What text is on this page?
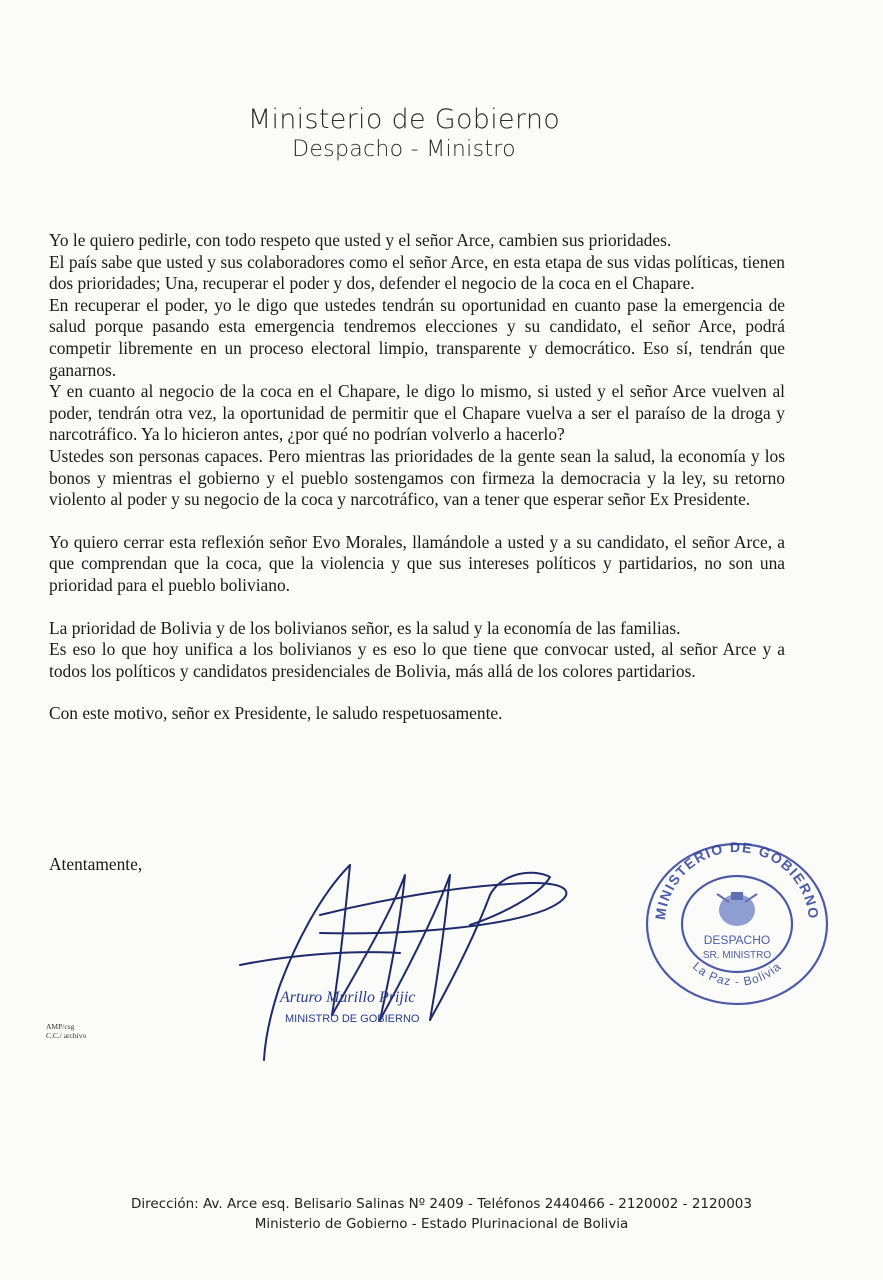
Ministerio de Gobierno
Despacho - Ministro

Yo le quiero pedirle, con todo respeto que usted y el señor Arce, cambien sus prioridades.

El país sabe que usted y sus colaboradores como el señor Arce, en esta etapa de sus vidas políticas, tienen dos prioridades; Una, recuperar el poder y dos, defender el negocio de la coca en el Chapare.

En recuperar el poder, yo le digo que ustedes tendrán su oportunidad en cuanto pase la emergencia de salud porque pasando esta emergencia tendremos elecciones y su candidato, el señor Arce, podrá competir libremente en un proceso electoral limpio, transparente y democrático. Eso sí, tendrán que ganarnos.

Y en cuanto al negocio de la coca en el Chapare, le digo lo mismo, si usted y el señor Arce vuelven al poder, tendrán otra vez, la oportunidad de permitir que el Chapare vuelva a ser el paraíso de la droga y narcotráfico. Ya lo hicieron antes, ¿por qué no podrían volverlo a hacerlo?

Ustedes son personas capaces. Pero mientras las prioridades de la gente sean la salud, la economía y los bonos y mientras el gobierno y el pueblo sostengamos con firmeza la democracia y la ley, su retorno violento al poder y su negocio de la coca y narcotráfico, van a tener que esperar señor Ex Presidente.

Yo quiero cerrar esta reflexión señor Evo Morales, llamándole a usted y a su candidato, el señor Arce, a que comprendan que la coca, que la violencia y que sus intereses políticos y partidarios, no son una prioridad para el pueblo boliviano.

La prioridad de Bolivia y de los bolivianos señor, es la salud y la economía de las familias.

Es eso lo que hoy unifica a los bolivianos y es eso lo que tiene que convocar usted, al señor Arce y a todos los políticos y candidatos presidenciales de Bolivia, más allá de los colores partidarios.

Con este motivo, señor ex Presidente, le saludo respetuosamente.

Atentamente,
AMP/csg
C.C./ archivo
Arturo Murillo Prijic
MINISTRO DE GOBIERNO
MINISTERIO DE GOBIERNO
La Paz - Bolivia
DESPACHO
SR. MINISTRO
Dirección: Av. Arce esq. Belisario Salinas Nº 2409 - Teléfonos 2440466 - 2120002 - 2120003
Ministerio de Gobierno - Estado Plurinacional de Bolivia
